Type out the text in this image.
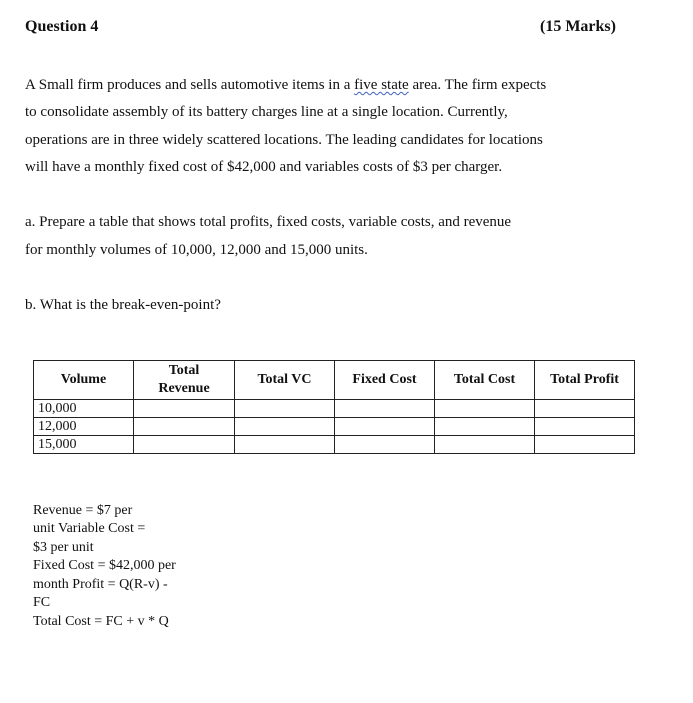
Question 4	(15 Marks)
A Small firm produces and sells automotive items in a five state area. The firm expects
to consolidate assembly of its battery charges line at a single location. Currently,
operations are in three widely scattered locations. The leading candidates for locations
will have a monthly fixed cost of $42,000 and variables costs of $3 per charger.
a. Prepare a table that shows total profits, fixed costs, variable costs, and revenue
for monthly volumes of 10,000, 12,000 and 15,000 units.
b. What is the break-even-point?
Volume	Total Revenue	Total VC	Fixed Cost	Total Cost	Total Profit
10,000					
12,000					
15,000					
Revenue = $7 per
unit Variable Cost =
$3 per unit
Fixed Cost = $42,000 per
month Profit = Q(R-v) -
FC
Total Cost = FC + v * Q
